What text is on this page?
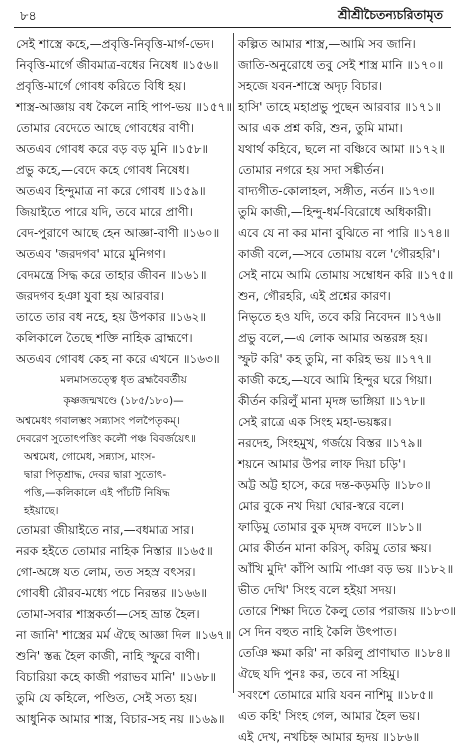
৮৪	শ্রীশ্রীচৈতন্যচরিতামৃত
সেই শাস্ত্রে কহে,—প্রবৃত্তি-নিবৃত্তি-মার্গ-ভেদ।
নিবৃত্তি-মার্গে জীবমাত্র-বধের নিষেধ ॥১৫৬॥
প্রবৃত্তি-মার্গে গোবধ করিতে বিধি হয়।
শাস্ত্র-আজ্ঞায় বধ কৈলে নাহি পাপ-ভয় ॥১৫৭॥
তোমার বেদেতে আছে গোবধের বাণী।
অতএব গোবধ করে বড় বড় মুনি ॥১৫৮॥
প্রভু কহে,—বেদে কহে গোবধ নিষেধ।
অতএব হিন্দুমাত্র না করে গোবধ ॥১৫৯॥
জিয়াইতে পারে যদি, তবে মারে প্রাণী।
বেদ-পুরাণে আছে হেন আজ্ঞা-বাণী ॥১৬০॥
অতএব 'জরদগব' মারে মুনিগণ।
বেদমন্ত্রে সিদ্ধ করে তাহার জীবন ॥১৬১॥
জরদগব হঞা যুবা হয় আরবার।
তাতে তার বধ নহে, হয় উপকার ॥১৬২॥
কলিকালে তৈছে শক্তি নাহিক ব্রাহ্মণে।
অতএব গোবধ কেহ না করে এখনে ॥১৬৩॥
মলমাসতত্ত্বে ধৃত ব্রহ্মবৈবর্তীয়
কৃষ্ণজন্মখণ্ডে (১৮৫/১৮০)—
অশ্বমেধং গবালম্ভং সন্ন্যাসং পলপৈতৃকম্।
দেবরেণ সুতোৎপত্তিং কলৌ পঞ্চ বিবর্জয়েৎ॥
অশ্বমেধ, গোমেধ, সন্ন্যাস, মাংস-
দ্বারা পিতৃশ্রাদ্ধ, দেবর দ্বারা সুতোৎ-
পত্তি,—কলিকালে এই পাঁচটি নিষিদ্ধ
হইয়াছে।
তোমরা জীয়াইতে নার,—বধমাত্র সার।
নরক হইতে তোমার নাহিক নিস্তার ॥১৬৫॥
গো-অঙ্গে যত লোম, তত সহস্র বৎসর।
গোবধী রৌরব-মধ্যে পচে নিরন্তর ॥১৬৬॥
তোমা-সবার শাস্ত্রকর্তা—সেহ ভ্রান্ত হৈল।
না জানি' শাস্ত্রের মর্ম ঐছে আজ্ঞা দিল ॥১৬৭॥
শুনি' স্তব্ধ হৈল কাজী, নাহি স্ফুরে বাণী।
বিচারিয়া কহে কাজী পরাভব মানি' ॥১৬৮॥
তুমি যে কহিলে, পণ্ডিত, সেই সত্য হয়।
আধুনিক আমার শাস্ত্র, বিচার-সহ নয় ॥১৬৯॥
কল্পিত আমার শাস্ত্র,—আমি সব জানি।
জাতি-অনুরোধে তবু সেই শাস্ত্র মানি ॥১৭০॥
সহজে যবন-শাস্ত্রে অদৃঢ় বিচার।
হাসি' তাহে মহাপ্রভু পুছেন আরবার ॥১৭১॥
আর এক প্রশ্ন করি, শুন, তুমি মামা।
যথার্থ কহিবে, ছলে না বঞ্চিবে আমা ॥১৭২॥
তোমার নগরে হয় সদা সঙ্কীর্তন।
বাদ্যগীত-কোলাহল, সঙ্গীত, নর্তন ॥১৭৩॥
তুমি কাজী,—হিন্দু-ধর্ম-বিরোধে অধিকারী।
এবে যে না কর মানা বুঝিতে না পারি ॥১৭৪॥
কাজী বলে,—সবে তোমায় বলে 'গৌরহরি'।
সেই নামে আমি তোমায় সম্বোধন করি ॥১৭৫॥
শুন, গৌরহরি, এই প্রশ্নের কারণ।
নিভৃতে হও যদি, তবে করি নিবেদন ॥১৭৬॥
প্রভু বলে,—এ লোক আমার অন্তরঙ্গ হয়।
স্ফুট করি' কহ তুমি, না করিহ ভয় ॥১৭৭॥
কাজী কহে,—যবে আমি হিন্দুর ঘরে গিয়া।
কীর্তন করিলুঁ মানা মৃদঙ্গ ভাঙ্গিয়া ॥১৭৮॥
সেই রাত্রে এক সিংহ মহা-ভয়ঙ্কর।
নরদেহ, সিংহমুখ, গর্জয়ে বিস্তর ॥১৭৯॥
শয়নে আমার উপর লাফ দিয়া চড়ি'।
অট্ট অট্ট হাসে, করে দন্ত-কড়মড়ি ॥১৮০॥
মোর বুকে নখ দিয়া ঘোর-স্বরে বলে।
ফাড়িমু তোমার বুক মৃদঙ্গ বদলে ॥১৮১॥
মোর কীর্তন মানা করিস্, করিমু তোর ক্ষয়।
আঁখি মুদি' কাঁপি আমি পাঞা বড় ভয় ॥১৮২॥
ভীত দেখি' সিংহ বলে হইয়া সদয়।
তোরে শিক্ষা দিতে কৈলু তোর পরাজয় ॥১৮৩॥
সে দিন বহুত নাহি কৈলি উৎপাত।
তেঞি ক্ষমা করি' না করিলু প্রাণাঘাত ॥১৮৪॥
ঐছে যদি পুনঃ কর, তবে না সহিমু।
সবংশে তোমারে মারি যবন নাশিমু ॥১৮৫॥
এত কহি' সিংহ গেল, আমার হৈল ভয়।
এই দেখ, নখচিহ্ন আমার হৃদয় ॥১৮৬॥
